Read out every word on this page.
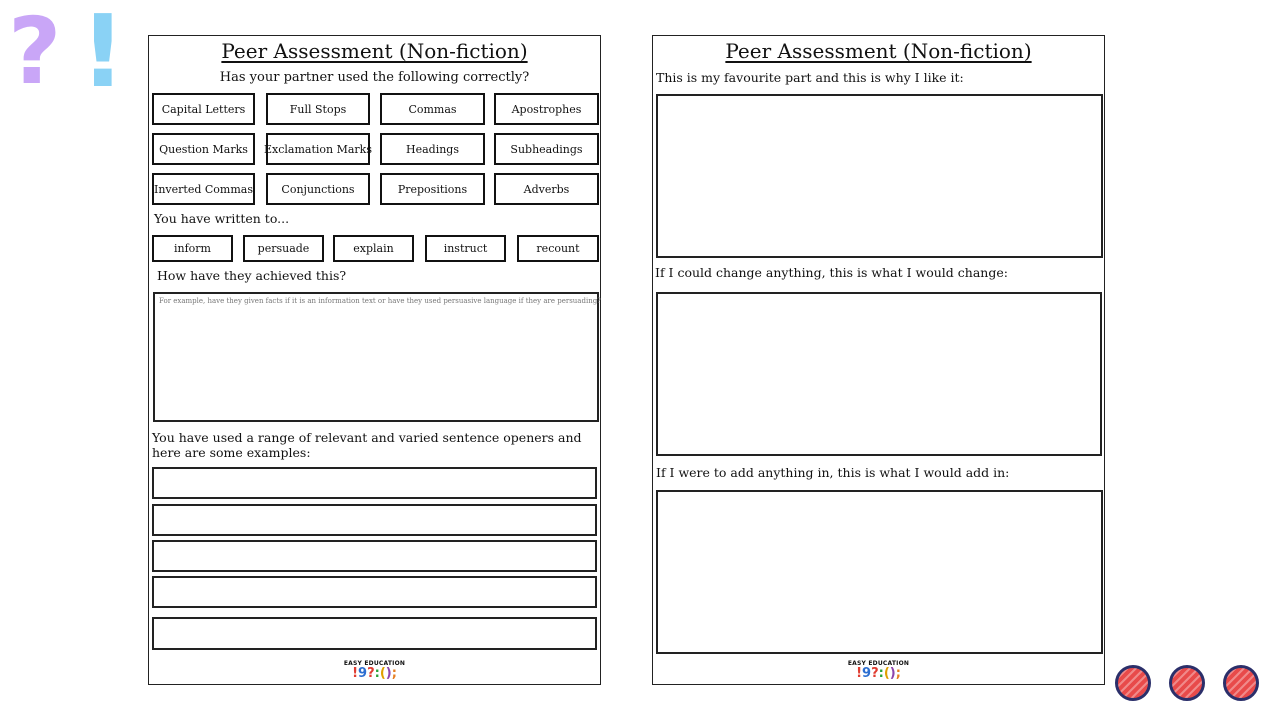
? !	Peer Assessment (Non-fiction)
Has your partner used the following correctly?
Capital Letters	Full Stops	Commas	Apostrophes
Question Marks	Exclamation Marks	Headings	Subheadings
Inverted Commas	Conjunctions	Prepositions	Adverbs
You have written to...
inform	persuade	explain	instruct	recount
How have they achieved this?
For example, have they given facts if it is an information text or have they used persuasive language if they are persuading?
You have used a range of relevant and varied sentence openers and here are some examples:
EASY EDUCATION
!9?:();
Peer Assessment (Non-fiction)
This is my favourite part and this is why I like it:
If I could change anything, this is what I would change:
If I were to add anything in, this is what I would add in:
EASY EDUCATION
!9?:();
